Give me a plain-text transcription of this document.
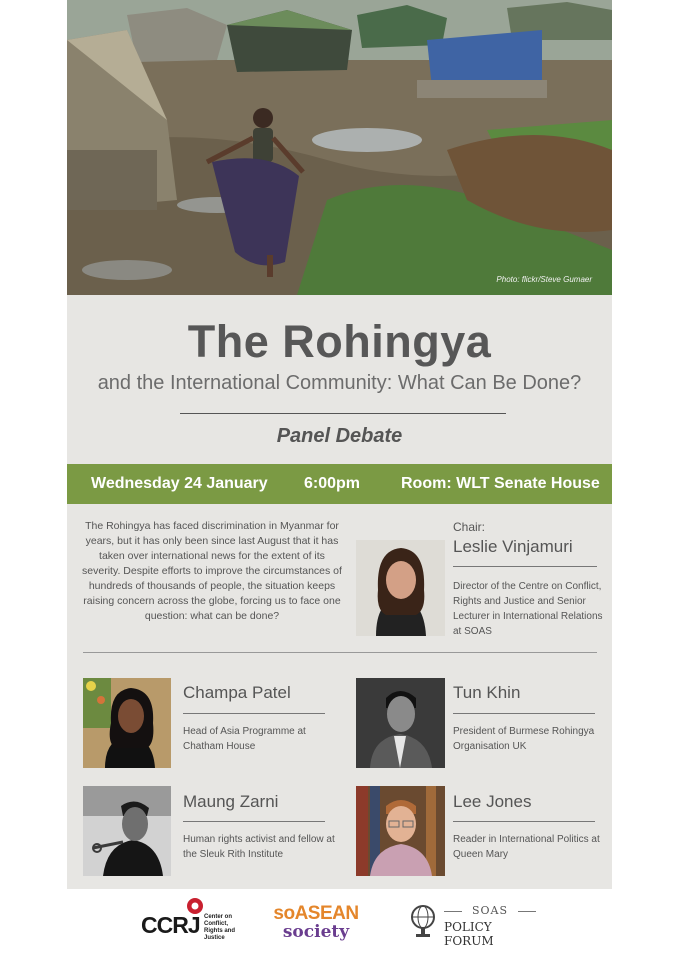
Photo: flickr/Steve Gumaer
The Rohingya
and the International Community: What Can Be Done?
Panel Debate
Wednesday 24 January 6:00pm	Room: WLT Senate House
The Rohingya has faced discrimination in Myanmar for years, but it has only been since last August that it has taken over international news for the extent of its severity. Despite efforts to improve the circumstances of hundreds of thousands of people, the situation keeps raising concern across the globe, forcing us to face one question: what can be done?
Chair:
Leslie Vinjamuri
Director of the Centre on Conflict, Rights and Justice and Senior Lecturer in International Relations at SOAS
Champa Patel
Head of Asia Programme at Chatham House
Tun Khin
President of Burmese Rohingya Organisation UK
Maung Zarni
Human rights activist and fellow at the Sleuk Rith Institute
Lee Jones
Reader in International Politics at Queen Mary
CCRJ Center on
Conflict,
Rights and
Justice
soASEAN
society
SOAS
POLICY FORUM
